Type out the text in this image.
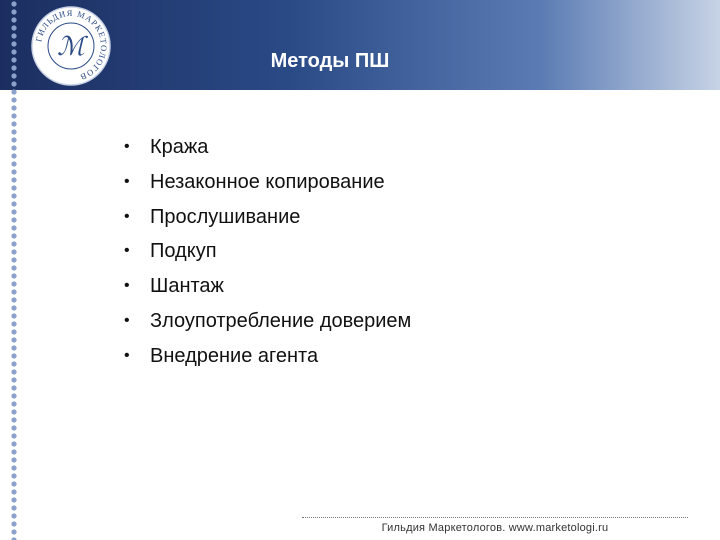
ГИЛЬДИЯ МАРКЕТОЛОГОВ
ℳ	Методы ПШ
• Кража
• Незаконное копирование
• Прослушивание
• Подкуп
• Шантаж
• Злоупотребление доверием
• Внедрение агента
Гильдия Маркетологов. www.marketologi.ru
